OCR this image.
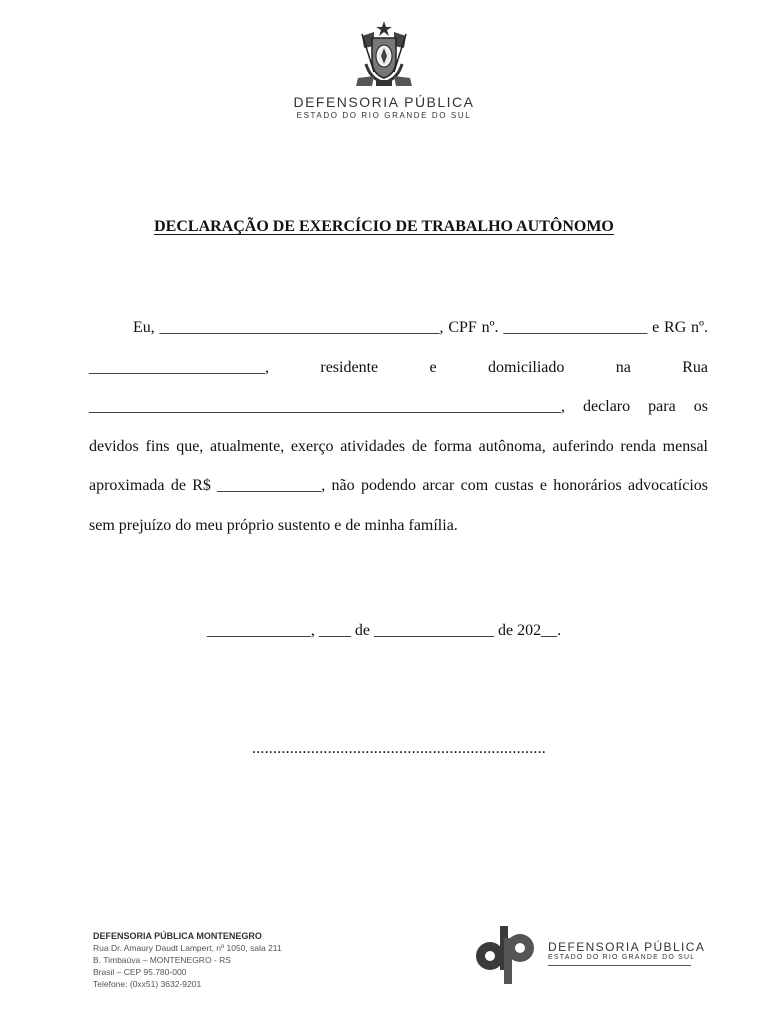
DEFENSORIA PÚBLICA
ESTADO DO RIO GRANDE DO SUL
DECLARAÇÃO DE EXERCÍCIO DE TRABALHO AUTÔNOMO
Eu, ___________________________________, CPF nº. __________________ e RG nº. ______________________, residente e domiciliado na Rua ___________________________________________________________, declaro para os devidos fins que, atualmente, exerço atividades de forma autônoma, auferindo renda mensal aproximada de R$ _____________, não podendo arcar com custas e honorários advocatícios sem prejuízo do meu próprio sustento e de minha família.
_____________, ____ de _______________ de 202__.
......................................................................
DEFENSORIA PÚBLICA MONTENEGRO
Rua Dr. Amaury Daudt Lampert, nº 1050, sala 211
B. Timbaúva – MONTENEGRO - RS
Brasil – CEP 95.780-000
Telefone: (0xx51) 3632-9201
DEFENSORIA PÚBLICA
ESTADO DO RIO GRANDE DO SUL
